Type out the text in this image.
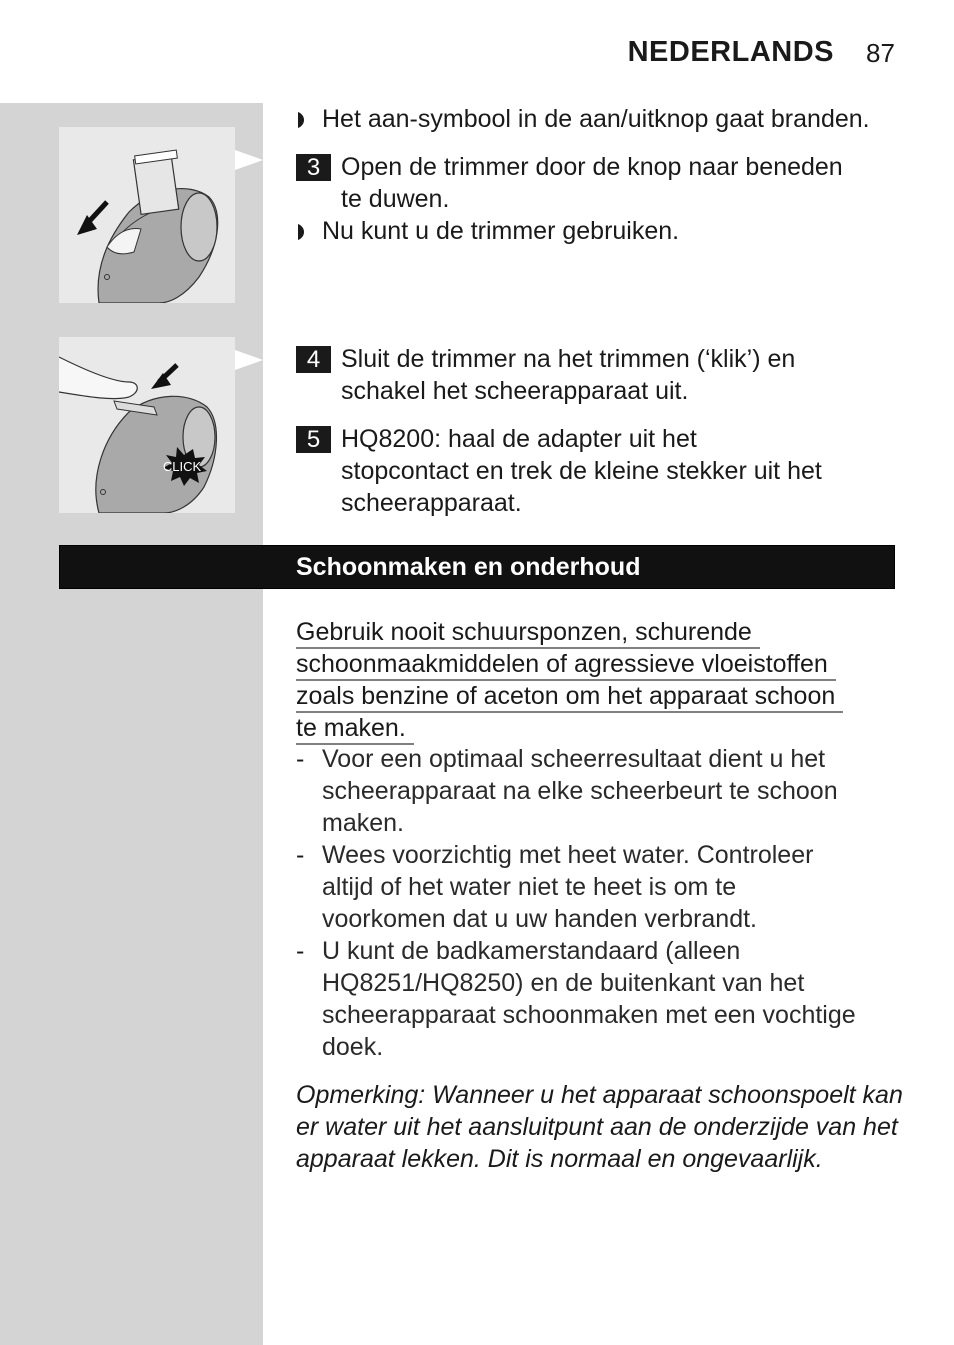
NEDERLANDS 87
CLICK
Het aan-symbool in de aan/uitknop gaat branden.
3 Open de trimmer door de knop naar beneden
te duwen.
Nu kunt u de trimmer gebruiken.
4 Sluit de trimmer na het trimmen (‘klik’) en
schakel het scheerapparaat uit.
5 HQ8200: haal de adapter uit het
stopcontact en trek de kleine stekker uit het
scheerapparaat.
Schoonmaken en onderhoud
Gebruik nooit schuursponzen, schurende
schoonmaakmiddelen of agressieve vloeistoffen
zoals benzine of aceton om het apparaat schoon
te maken.
- Voor een optimaal scheerresultaat dient u het
scheerapparaat na elke scheerbeurt te schoon
maken.
- Wees voorzichtig met heet water. Controleer
altijd of het water niet te heet is om te
voorkomen dat u uw handen verbrandt.
- U kunt de badkamerstandaard (alleen
HQ8251/HQ8250) en de buitenkant van het
scheerapparaat schoonmaken met een vochtige
doek.
Opmerking: Wanneer u het apparaat schoonspoelt kan
er water uit het aansluitpunt aan de onderzijde van het
apparaat lekken. Dit is normaal en ongevaarlijk.
